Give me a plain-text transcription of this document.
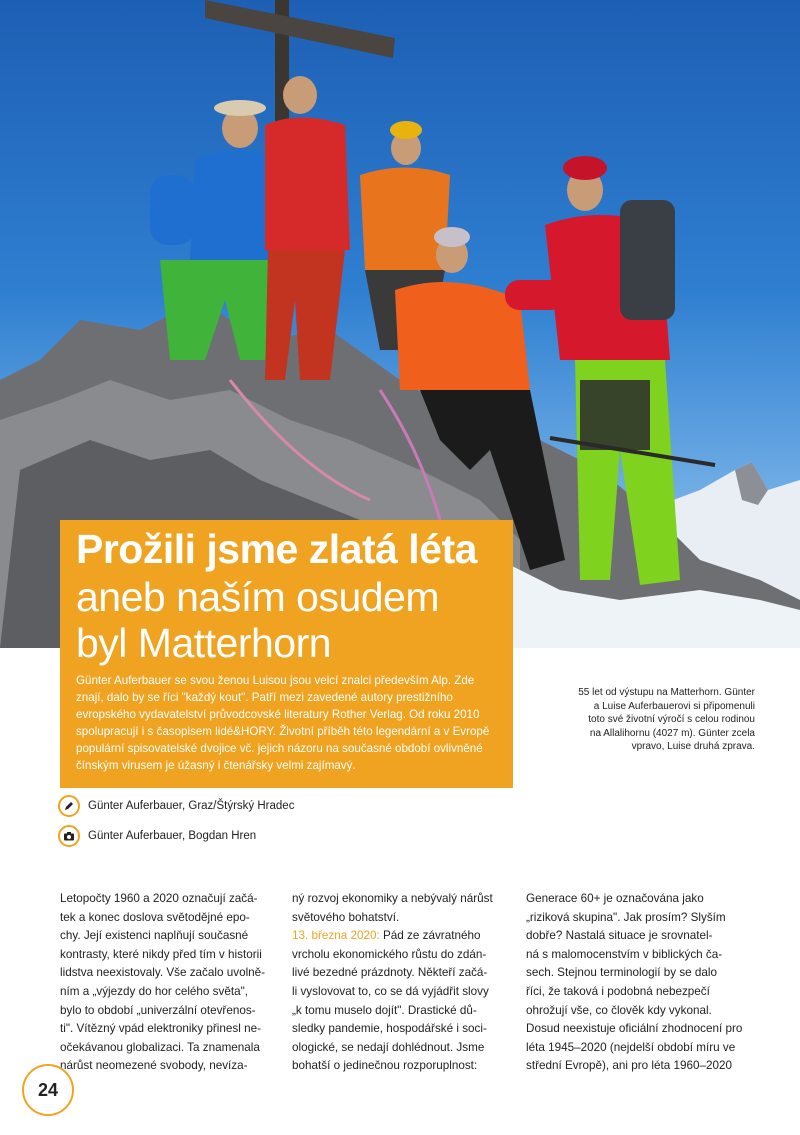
Prožili jsme zlatá léta
aneb naším osudem
byl Matterhorn
Günter Auferbauer se svou ženou Luisou jsou velcí znalci především Alp. Zde znají, dalo by se říci "každý kout". Patří mezi zavedené autory prestižního evropského vydavatelství průvodcovské literatury Rother Verlag. Od roku 2010 spolupracují i s časopisem lidé&HORY. Životní příběh této legendární a v Evropě populární spisovatelské dvojice vč. jejich názoru na současné období ovlivněné čínským virusem je úžasný i čtenářsky velmi zajímavý.
55 let od výstupu na Matterhorn. Günter
a Luise Auferbauerovi si připomenuli
toto své životní výročí s celou rodinou
na Allalihornu (4027 m). Günter zcela
vpravo, Luise druhá zprava.
Günter Auferbauer, Graz/Štýrský Hradec
Günter Auferbauer, Bogdan Hren

Letopočty 1960 a 2020 označují začá-

tek a konec doslova světodějné epo-

chy. Její existenci naplňují současné

kontrasty, které nikdy před tím v historii

lidstva neexistovaly. Vše začalo uvolně-

ním a „výjezdy do hor celého světa",

bylo to období „univerzální otevřenos-

ti". Vítězný vpád elektroniky přinesl ne-

očekávanou globalizaci. Ta znamenala

nárůst neomezené svobody, nevíza-

ný rozvoj ekonomiky a nebývalý nárůst

světového bohatství.

13. března 2020: Pád ze závratného

vrcholu ekonomického růstu do zdán-

livé bezedné prázdnoty. Někteří začá-

li vyslovovat to, co se dá vyjádřit slovy

„k tomu muselo dojít". Drastické dů-

sledky pandemie, hospodářské i soci-

ologické, se nedají dohlédnout. Jsme

bohatší o jedinečnou rozporuplnost:

Generace 60+ je označována jako

„riziková skupina". Jak prosím? Slyším

dobře? Nastalá situace je srovnatel-

ná s malomocenstvím v biblických ča-

sech. Stejnou terminologií by se dalo

říci, že taková i podobná nebezpečí

ohrožují vše, co člověk kdy vykonal.

Dosud neexistuje oficiální zhodnocení pro

léta 1945–2020 (nejdelší období míru ve

střední Evropě), ani pro léta 1960–2020

24
